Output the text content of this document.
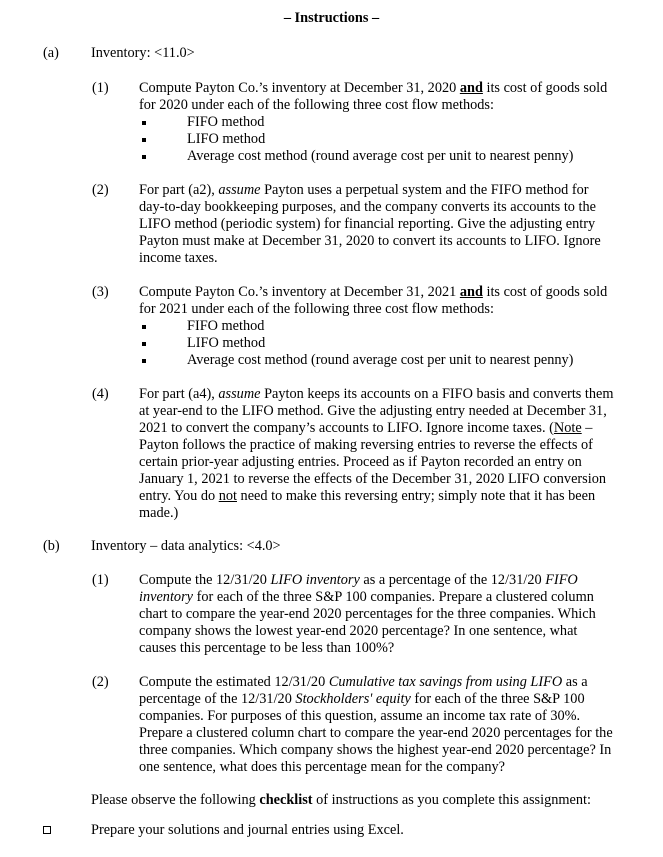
– Instructions –
(a) Inventory: <11.0>
(1) Compute Payton Co.’s inventory at December 31, 2020 and its cost of goods sold for 2020 under each of the following three cost flow methods:
FIFO method
LIFO method
Average cost method (round average cost per unit to nearest penny)
(2) For part (a2), assume Payton uses a perpetual system and the FIFO method for day-to-day bookkeeping purposes, and the company converts its accounts to the LIFO method (periodic system) for financial reporting. Give the adjusting entry Payton must make at December 31, 2020 to convert its accounts to LIFO. Ignore income taxes.
(3) Compute Payton Co.’s inventory at December 31, 2021 and its cost of goods sold for 2021 under each of the following three cost flow methods:
FIFO method
LIFO method
Average cost method (round average cost per unit to nearest penny)
(4) For part (a4), assume Payton keeps its accounts on a FIFO basis and converts them at year-end to the LIFO method. Give the adjusting entry needed at December 31, 2021 to convert the company’s accounts to LIFO. Ignore income taxes. (Note – Payton follows the practice of making reversing entries to reverse the effects of certain prior-year adjusting entries. Proceed as if Payton recorded an entry on January 1, 2021 to reverse the effects of the December 31, 2020 LIFO conversion entry. You do not need to make this reversing entry; simply note that it has been made.)
(b) Inventory – data analytics: <4.0>
(1) Compute the 12/31/20 LIFO inventory as a percentage of the 12/31/20 FIFO inventory for each of the three S&P 100 companies. Prepare a clustered column chart to compare the year-end 2020 percentages for the three companies. Which company shows the lowest year-end 2020 percentage? In one sentence, what causes this percentage to be less than 100%?
(2) Compute the estimated 12/31/20 Cumulative tax savings from using LIFO as a percentage of the 12/31/20 Stockholders' equity for each of the three S&P 100 companies. For purposes of this question, assume an income tax rate of 30%. Prepare a clustered column chart to compare the year-end 2020 percentages for the three companies. Which company shows the highest year-end 2020 percentage? In one sentence, what does this percentage mean for the company?
Please observe the following checklist of instructions as you complete this assignment:
Prepare your solutions and journal entries using Excel.
